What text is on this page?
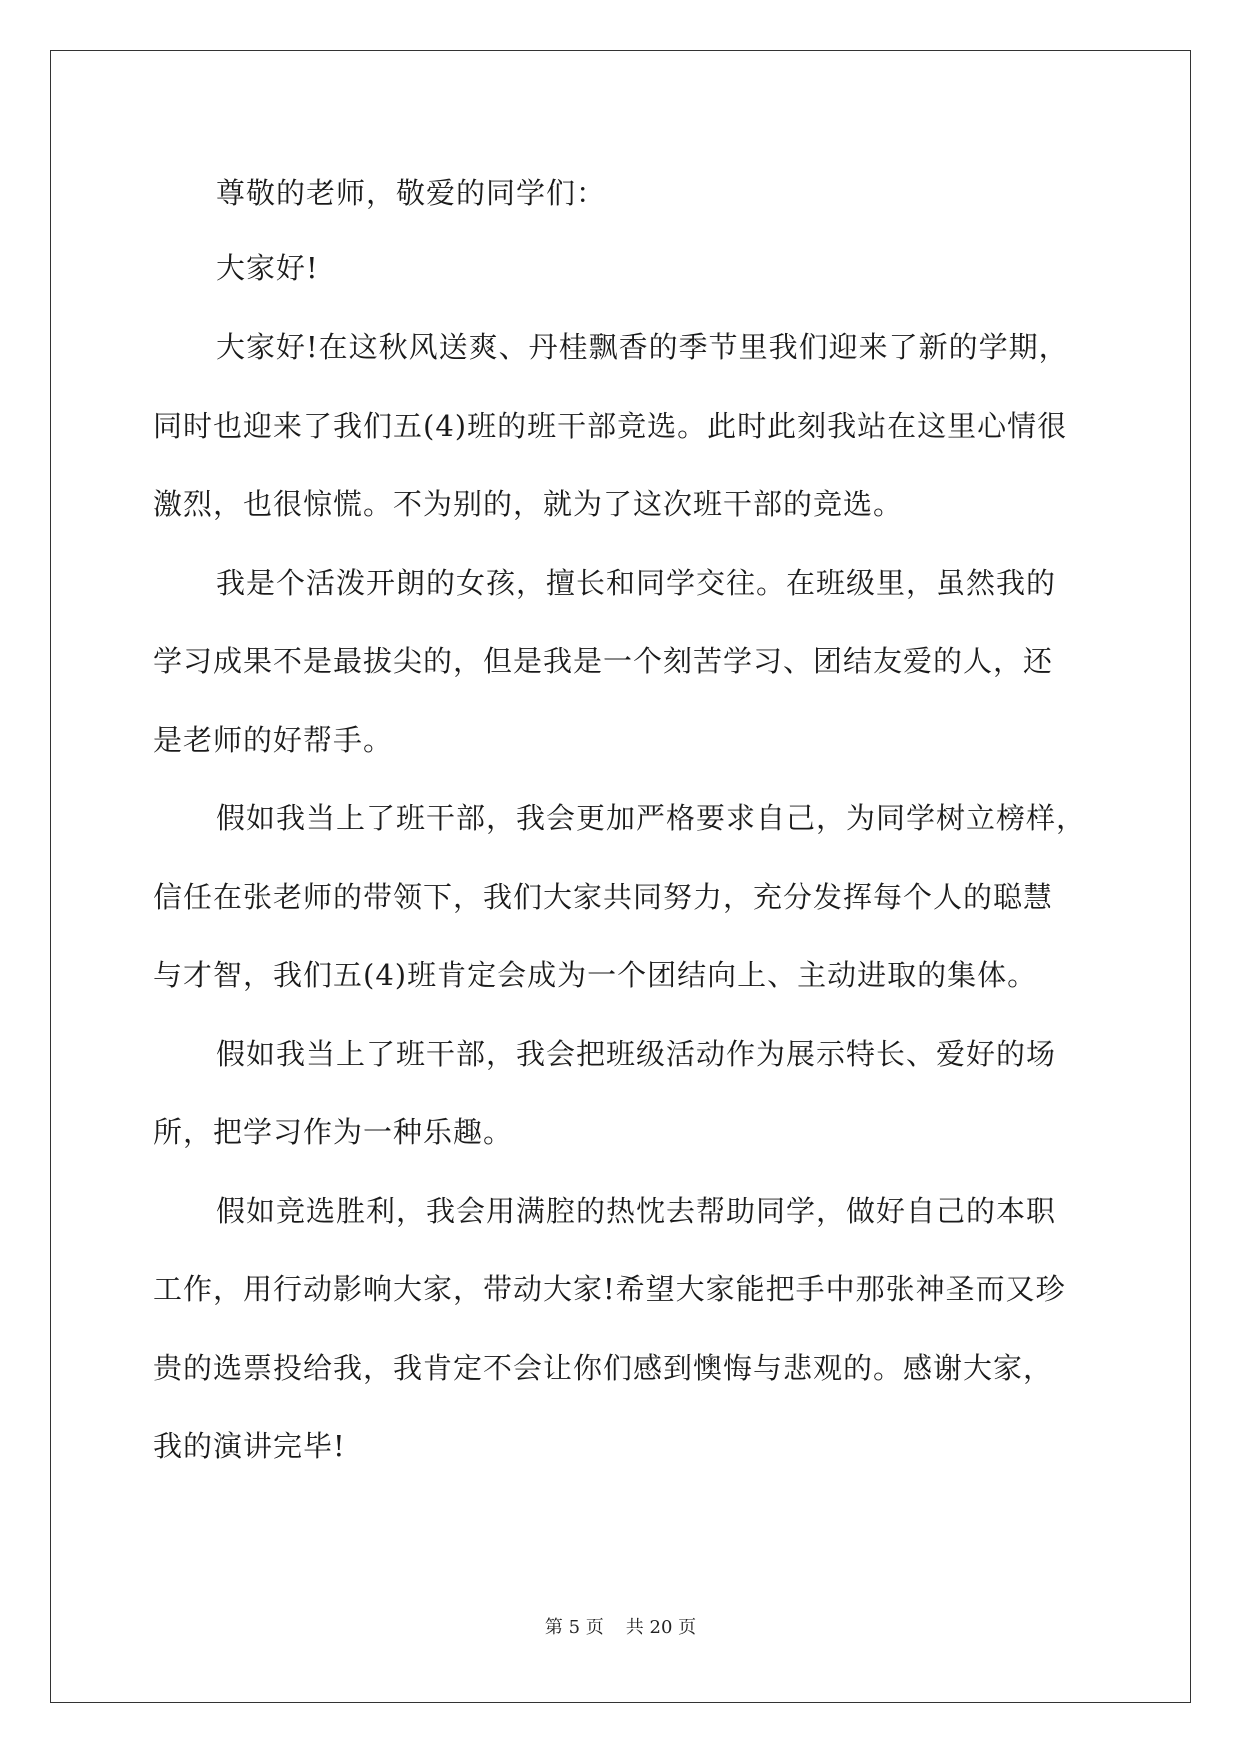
尊敬的老师，敬爱的同学们：
大家好!
大家好!在这秋风送爽、丹桂飘香的季节里我们迎来了新的学期，
同时也迎来了我们五(4)班的班干部竞选。此时此刻我站在这里心情很
激烈，也很惊慌。不为别的，就为了这次班干部的竞选。
我是个活泼开朗的女孩，擅长和同学交往。在班级里，虽然我的
学习成果不是最拔尖的，但是我是一个刻苦学习、团结友爱的人，还
是老师的好帮手。
假如我当上了班干部，我会更加严格要求自己，为同学树立榜样，
信任在张老师的带领下，我们大家共同努力，充分发挥每个人的聪慧
与才智，我们五(4)班肯定会成为一个团结向上、主动进取的集体。
假如我当上了班干部，我会把班级活动作为展示特长、爱好的场
所，把学习作为一种乐趣。
假如竞选胜利，我会用满腔的热忱去帮助同学，做好自己的本职
工作，用行动影响大家，带动大家!希望大家能把手中那张神圣而又珍
贵的选票投给我，我肯定不会让你们感到懊悔与悲观的。感谢大家，
我的演讲完毕!
第 5 页 共 20 页
